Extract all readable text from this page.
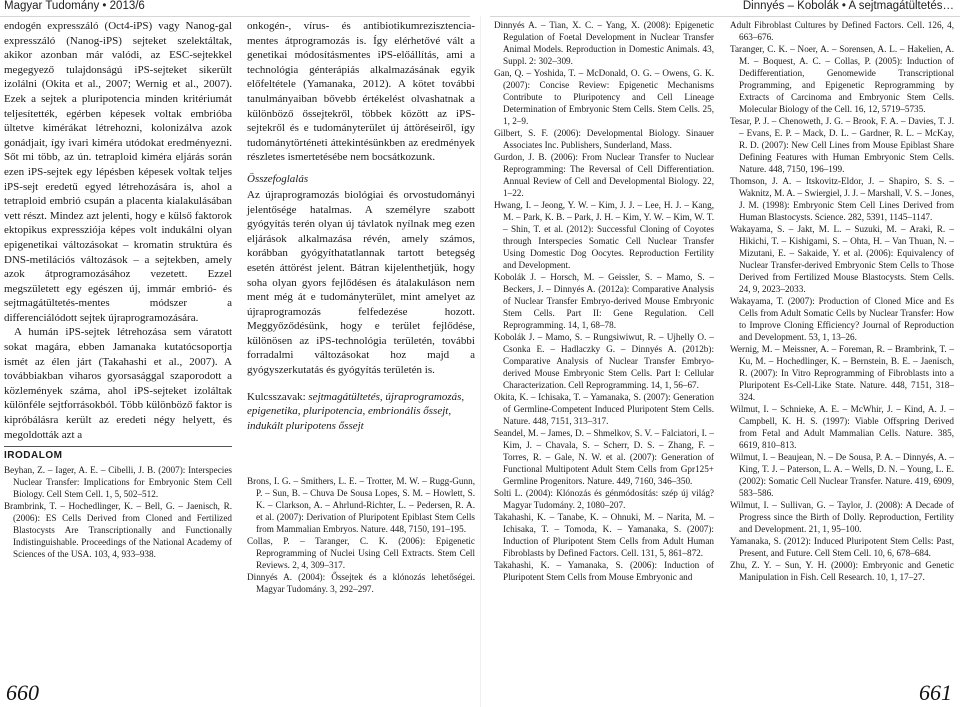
Magyar Tudomány • 2013/6	Dinnyés – Kobolák • A sejtmagátültetés…

endogén expresszáló (Oct4-iPS) vagy Nanog-gal expresszáló (Nanog-iPS) sejteket szelektáltak, akikor azonban már valódi, az ESC-sejtekkel megegyező tulajdonságú iPS-sejteket sikerült izolálni (Okita et al., 2007; Wernig et al., 2007). Ezek a sejtek a pluripotencia minden kritériumát teljesítették, egérben képesek voltak embrióba ültetve kimérákat létrehozni, kolonizálva azok gonádjait, így ivari kiméra utódokat eredményezni. Sőt mi több, az ún. tetraploid kiméra eljárás során ezen iPS-sejtek egy lépésben képesek voltak teljes iPS-sejt eredetű egyed létrehozására is, ahol a tetraploid embrió csupán a placenta kialakulásában vett részt. Mindez azt jelenti, hogy e külső faktorok ektopikus expressziója képes volt indukálni olyan epigenetikai változásokat – kromatin struktúra és DNS-metilációs változások – a sejtekben, amely azok átprogramozásához vezetett. Ezzel megszületett egy egészen új, immár embrió- és sejtmagátültetés-mentes módszer a differenciálódott sejtek újraprogramozására.

A humán iPS-sejtek létrehozása sem váratott sokat magára, ebben Jamanaka kutatócsoportja ismét az élen járt (Takahashi et al., 2007). A továbbiakban viharos gyorsasággal szaporodott a közlemények száma, ahol iPS-sejteket izoláltak különféle sejtforrásokból. Több különböző faktor is kipróbálásra került az eredeti négy helyett, és megoldották azt a

IRODALOM

Beyhan, Z. – Iager, A. E. – Cibelli, J. B. (2007): Interspecies Nuclear Transfer: Implications for Embryonic Stem Cell Biology. Cell Stem Cell. 1, 5, 502–512.

Brambrink, T. – Hochedlinger, K. – Bell, G. – Jaenisch, R. (2006): ES Cells Derived from Cloned and Fertilized Blastocysts Are Transcriptionally and Functionally Indistinguishable. Proceedings of the National Academy of Sciences of the USA. 103, 4, 933–938.

onkogén-, vírus- és antibiotikumrezisztencia-mentes átprogramozás is. Így elérhetővé vált a genetikai módosításmentes iPS-előállítás, ami a technológia génterápiás alkalmazásának egyik előfeltétele (Yamanaka, 2012). A kötet további tanulmányaiban bővebb értékelést olvashatnak a különböző őssejtekről, többek között az iPS-sejtekről és e tudományterület új áttöréseiről, így tudománytörténeti áttekintésünkben az eredmények részletes ismertetésébe nem bocsátkozunk.

Összefoglalás

Az újraprogramozás biológiai és orvostudományi jelentősége hatalmas. A személyre szabott gyógyítás terén olyan új távlatok nyílnak meg ezen eljárások alkalmazása révén, amely számos, korábban gyógyíthatatlannak tartott betegség esetén áttörést jelent. Bátran kijelenthetjük, hogy soha olyan gyors fejlődésen és átalakuláson nem ment még át e tudományterület, mint amelyet az újraprogramozás felfedezése hozott. Meggyőződésünk, hogy e terület fejlődése, különösen az iPS-technológia területén, további forradalmi változásokat hoz majd a gyógyszerkutatás és gyógyítás területén is.

Kulcsszavak: sejtmagátültetés, újraprogramozás, epigenetika, pluripotencia, embrionális őssejt, indukált pluripotens őssejt

Brons, I. G. – Smithers, L. E. – Trotter, M. W. – Rugg-Gunn, P. – Sun, B. – Chuva De Sousa Lopes, S. M. – Howlett, S. K. – Clarkson, A. – Ahrlund-Richter, L. – Pedersen, R. A. et al. (2007): Derivation of Pluripotent Epiblast Stem Cells from Mammalian Embryos. Nature. 448, 7150, 191–195.

Collas, P. – Taranger, C. K. (2006): Epigenetic Reprogramming of Nuclei Using Cell Extracts. Stem Cell Reviews. 2, 4, 309–317.

Dinnyés A. (2004): Őssejtek és a klónozás lehetőségei. Magyar Tudomány. 3, 292–297.

Dinnyés A. – Tian, X. C. – Yang, X. (2008): Epigenetic Regulation of Foetal Development in Nuclear Transfer Animal Models. Reproduction in Domestic Animals. 43, Suppl. 2: 302–309.

Gan, Q. – Yoshida, T. – McDonald, O. G. – Owens, G. K. (2007): Concise Review: Epigenetic Mechanisms Contribute to Pluripotency and Cell Lineage Determination of Embryonic Stem Cells. Stem Cells. 25, 1, 2–9.

Gilbert, S. F. (2006): Developmental Biology. Sinauer Associates Inc. Publishers, Sunderland, Mass.

Gurdon, J. B. (2006): From Nuclear Transfer to Nuclear Reprogramming: The Reversal of Cell Differentiation. Annual Review of Cell and Developmental Biology. 22, 1–22.

Hwang, I. – Jeong, Y. W. – Kim, J. J. – Lee, H. J. – Kang, M. – Park, K. B. – Park, J. H. – Kim, Y. W. – Kim, W. T. – Shin, T. et al. (2012): Successful Cloning of Coyotes through Interspecies Somatic Cell Nuclear Transfer Using Domestic Dog Oocytes. Reproduction Fertility and Development.

Kobolák J. – Horsch, M. – Geissler, S. – Mamo, S. – Beckers, J. – Dinnyés A. (2012a): Comparative Analysis of Nuclear Transfer Embryo-derived Mouse Embryonic Stem Cells. Part II: Gene Regulation. Cell Reprogramming. 14, 1, 68–78.

Kobolák J. – Mamo, S. – Rungsiwiwut, R. – Ujhelly O. – Csonka E. – Hadlaczky G. – Dinnyés A. (2012b): Comparative Analysis of Nuclear Transfer Embryo-derived Mouse Embryonic Stem Cells. Part I: Cellular Characterization. Cell Reprogramming. 14, 1, 56–67.

Okita, K. – Ichisaka, T. – Yamanaka, S. (2007): Generation of Germline-Competent Induced Pluripotent Stem Cells. Nature. 448, 7151, 313–317.

Seandel, M. – James, D. – Shmelkov, S. V. – Falciatori, I. – Kim, J. – Chavala, S. – Scherr, D. S. – Zhang, F. – Torres, R. – Gale, N. W. et al. (2007): Generation of Functional Multipotent Adult Stem Cells from Gpr125+ Germline Progenitors. Nature. 449, 7160, 346–350.

Solti L. (2004): Klónozás és génmódosítás: szép új világ? Magyar Tudomány. 2, 1080–207.

Takahashi, K. – Tanabe, K. – Ohnuki, M. – Narita, M. – Ichisaka, T. – Tomoda, K. – Yamanaka, S. (2007): Induction of Pluripotent Stem Cells from Adult Human Fibroblasts by Defined Factors. Cell. 131, 5, 861–872.

Takahashi, K. – Yamanaka, S. (2006): Induction of Pluripotent Stem Cells from Mouse Embryonic and

Adult Fibroblast Cultures by Defined Factors. Cell. 126, 4, 663–676.

Taranger, C. K. – Noer, A. – Sorensen, A. L. – Hakelien, A. M. – Boquest, A. C. – Collas, P. (2005): Induction of Dedifferentiation, Genomewide Transcriptional Programming, and Epigenetic Reprogramming by Extracts of Carcinoma and Embryonic Stem Cells. Molecular Biology of the Cell. 16, 12, 5719–5735.

Tesar, P. J. – Chenoweth, J. G. – Brook, F. A. – Davies, T. J. – Evans, E. P. – Mack, D. L. – Gardner, R. L. – McKay, R. D. (2007): New Cell Lines from Mouse Epiblast Share Defining Features with Human Embryonic Stem Cells. Nature. 448, 7150, 196–199.

Thomson, J. A. – Itskovitz-Eldor, J. – Shapiro, S. S. – Waknitz, M. A. – Swiergiel, J. J. – Marshall, V. S. – Jones, J. M. (1998): Embryonic Stem Cell Lines Derived from Human Blastocysts. Science. 282, 5391, 1145–1147.

Wakayama, S. – Jakt, M. L. – Suzuki, M. – Araki, R. – Hikichi, T. – Kishigami, S. – Ohta, H. – Van Thuan, N. – Mizutani, E. – Sakaide, Y. et al. (2006): Equivalency of Nuclear Transfer-derived Embryonic Stem Cells to Those Derived from Fertilized Mouse Blastocysts. Stem Cells. 24, 9, 2023–2033.

Wakayama, T. (2007): Production of Cloned Mice and Es Cells from Adult Somatic Cells by Nuclear Transfer: How to Improve Cloning Efficiency? Journal of Reproduction and Development. 53, 1, 13–26.

Wernig, M. – Meissner, A. – Foreman, R. – Brambrink, T. – Ku, M. – Hochedlinger, K. – Bernstein, B. E. – Jaenisch, R. (2007): In Vitro Reprogramming of Fibroblasts into a Pluripotent Es-Cell-Like State. Nature. 448, 7151, 318–324.

Wilmut, I. – Schnieke, A. E. – McWhir, J. – Kind, A. J. – Campbell, K. H. S. (1997): Viable Offspring Derived from Fetal and Adult Mammalian Cells. Nature. 385, 6619, 810–813.

Wilmut, I. – Beaujean, N. – De Sousa, P. A. – Dinnyés, A. – King, T. J. – Paterson, L. A. – Wells, D. N. – Young, L. E. (2002): Somatic Cell Nuclear Transfer. Nature. 419, 6909, 583–586.

Wilmut, I. – Sullivan, G. – Taylor, J. (2008): A Decade of Progress since the Birth of Dolly. Reproduction, Fertility and Development. 21, 1, 95–100.

Yamanaka, S. (2012): Induced Pluripotent Stem Cells: Past, Present, and Future. Cell Stem Cell. 10, 6, 678–684.

Zhu, Z. Y. – Sun, Y. H. (2000): Embryonic and Genetic Manipulation in Fish. Cell Research. 10, 1, 17–27.

660	661
